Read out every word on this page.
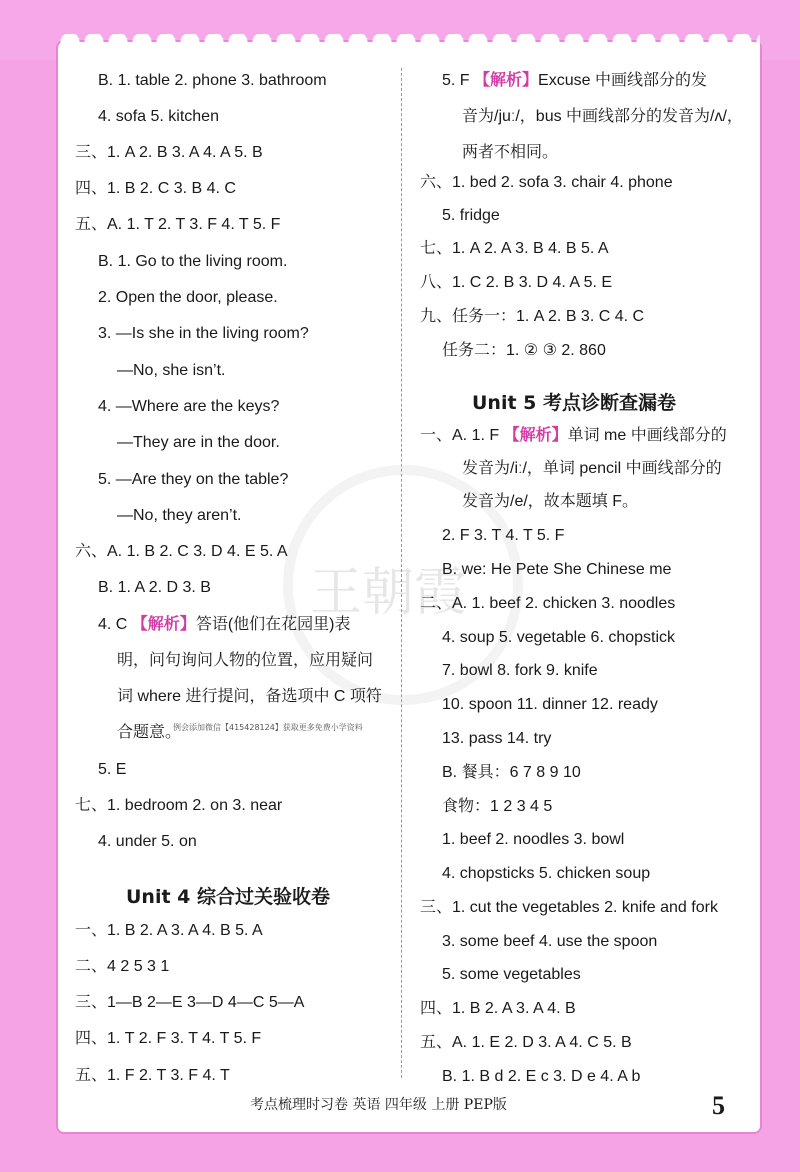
王朝霞
B. 1. table 2. phone 3. bathroom
4. sofa 5. kitchen
三、1. A 2. B 3. A 4. A 5. B
四、1. B 2. C 3. B 4. C
五、A. 1. T 2. T 3. F 4. T 5. F
B. 1. Go to the living room.
2. Open the door, please.
3. —Is she in the living room?
—No, she isn’t.
4. —Where are the keys?
—They are in the door.
5. —Are they on the table?
—No, they aren’t.
六、A. 1. B 2. C 3. D 4. E 5. A
B. 1. A 2. D 3. B
4. C 【解析】答语(他们在花园里)表
明，问句询问人物的位置，应用疑问
词 where 进行提问，备选项中 C 项符
合题意。
5. E
七、1. bedroom 2. on 3. near
4. under 5. on
一、1. B 2. A 3. A 4. B 5. A
二、4 2 5 3 1
三、1—B 2—E 3—D 4—C 5—A
四、1. T 2. F 3. T 4. T 5. F
五、1. F 2. T 3. F 4. T
Unit 4 综合过关验收卷
例会添加微信【415428124】获取更多免费小学资料
5. F 【解析】Excuse 中画线部分的发
音为/juː/，bus 中画线部分的发音为/ʌ/，
两者不相同。
六、1. bed 2. sofa 3. chair 4. phone
5. fridge
七、1. A 2. A 3. B 4. B 5. A
八、1. C 2. B 3. D 4. A 5. E
九、任务一：1. A 2. B 3. C 4. C
任务二：1. ② ③ 2. 860
一、A. 1. F 【解析】单词 me 中画线部分的
发音为/iː/，单词 pencil 中画线部分的
发音为/e/，故本题填 F。
2. F 3. T 4. T 5. F
B. we: He Pete She Chinese me
二、A. 1. beef 2. chicken 3. noodles
4. soup 5. vegetable 6. chopstick
7. bowl 8. fork 9. knife
10. spoon 11. dinner 12. ready
13. pass 14. try
B. 餐具：6 7 8 9 10
食物：1 2 3 4 5
1. beef 2. noodles 3. bowl
4. chopsticks 5. chicken soup
三、1. cut the vegetables 2. knife and fork
3. some beef 4. use the spoon
5. some vegetables
四、1. B 2. A 3. A 4. B
五、A. 1. E 2. D 3. A 4. C 5. B
B. 1. B d 2. E c 3. D e 4. A b
Unit 5 考点诊断查漏卷
考点梳理时习卷 英语 四年级 上册 PEP版	5
